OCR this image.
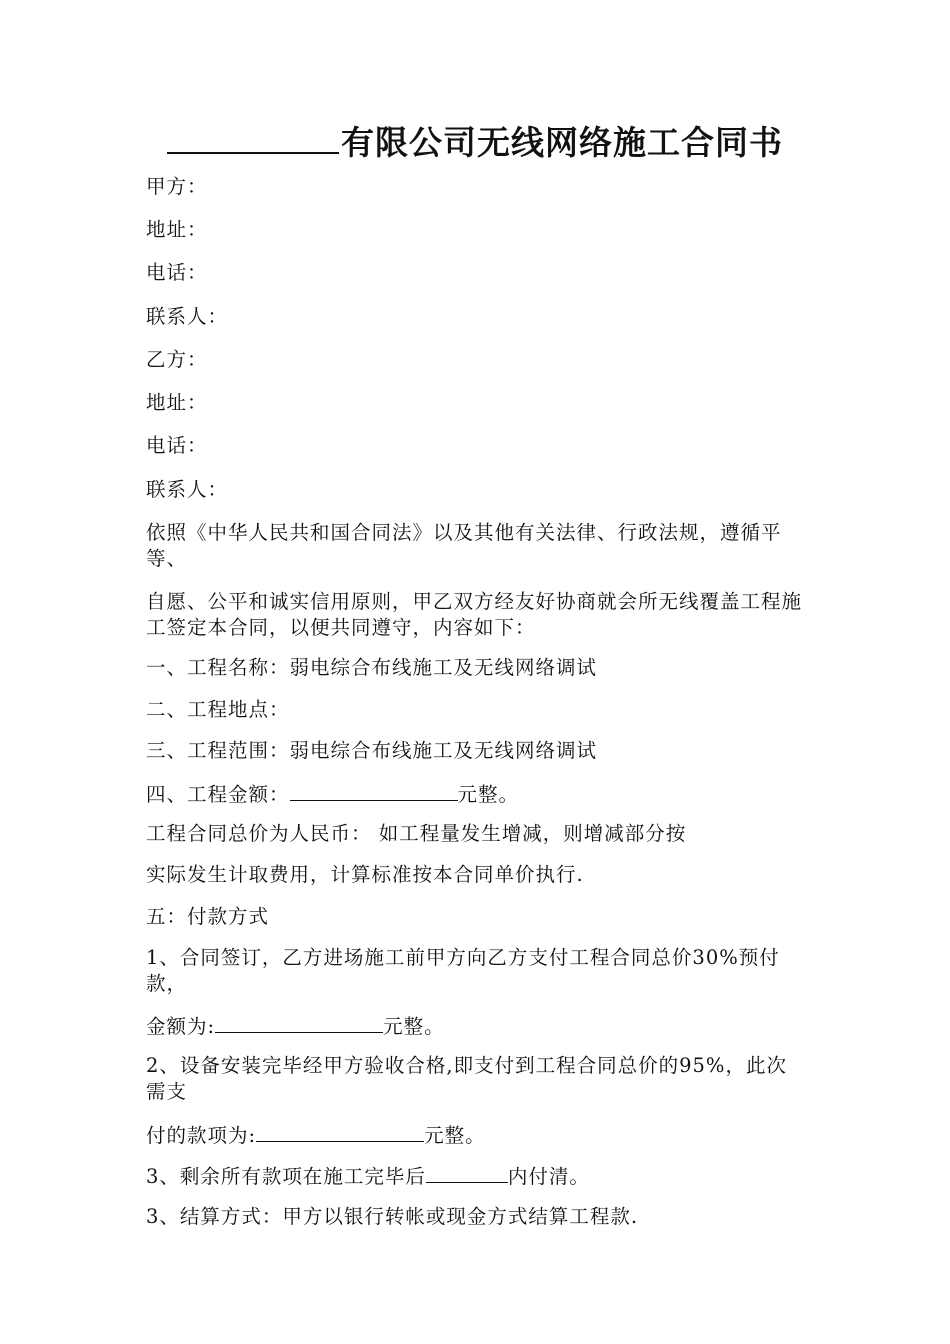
有限公司无线网络施工合同书
甲方：
地址：
电话：
联系人：
乙方：
地址：
电话：
联系人：
依照《中华人民共和国合同法》以及其他有关法律、行政法规，遵循平等、
自愿、公平和诚实信用原则，甲乙双方经友好协商就会所无线覆盖工程施工签定本合同，以便共同遵守，内容如下：
一、工程名称：弱电综合布线施工及无线网络调试
二、工程地点：
三、工程范围：弱电综合布线施工及无线网络调试
四、工程金额：	元整。
工程合同总价为人民币： 如工程量发生增减，则增减部分按
实际发生计取费用，计算标准按本合同单价执行.
五：付款方式
1、合同签订，乙方进场施工前甲方向乙方支付工程合同总价30%预付款，
金额为:	元整。
2、设备安装完毕经甲方验收合格,即支付到工程合同总价的95%，此次需支
付的款项为:	元整。
3、剩余所有款项在施工完毕后	内付清。
3、结算方式：甲方以银行转帐或现金方式结算工程款.
